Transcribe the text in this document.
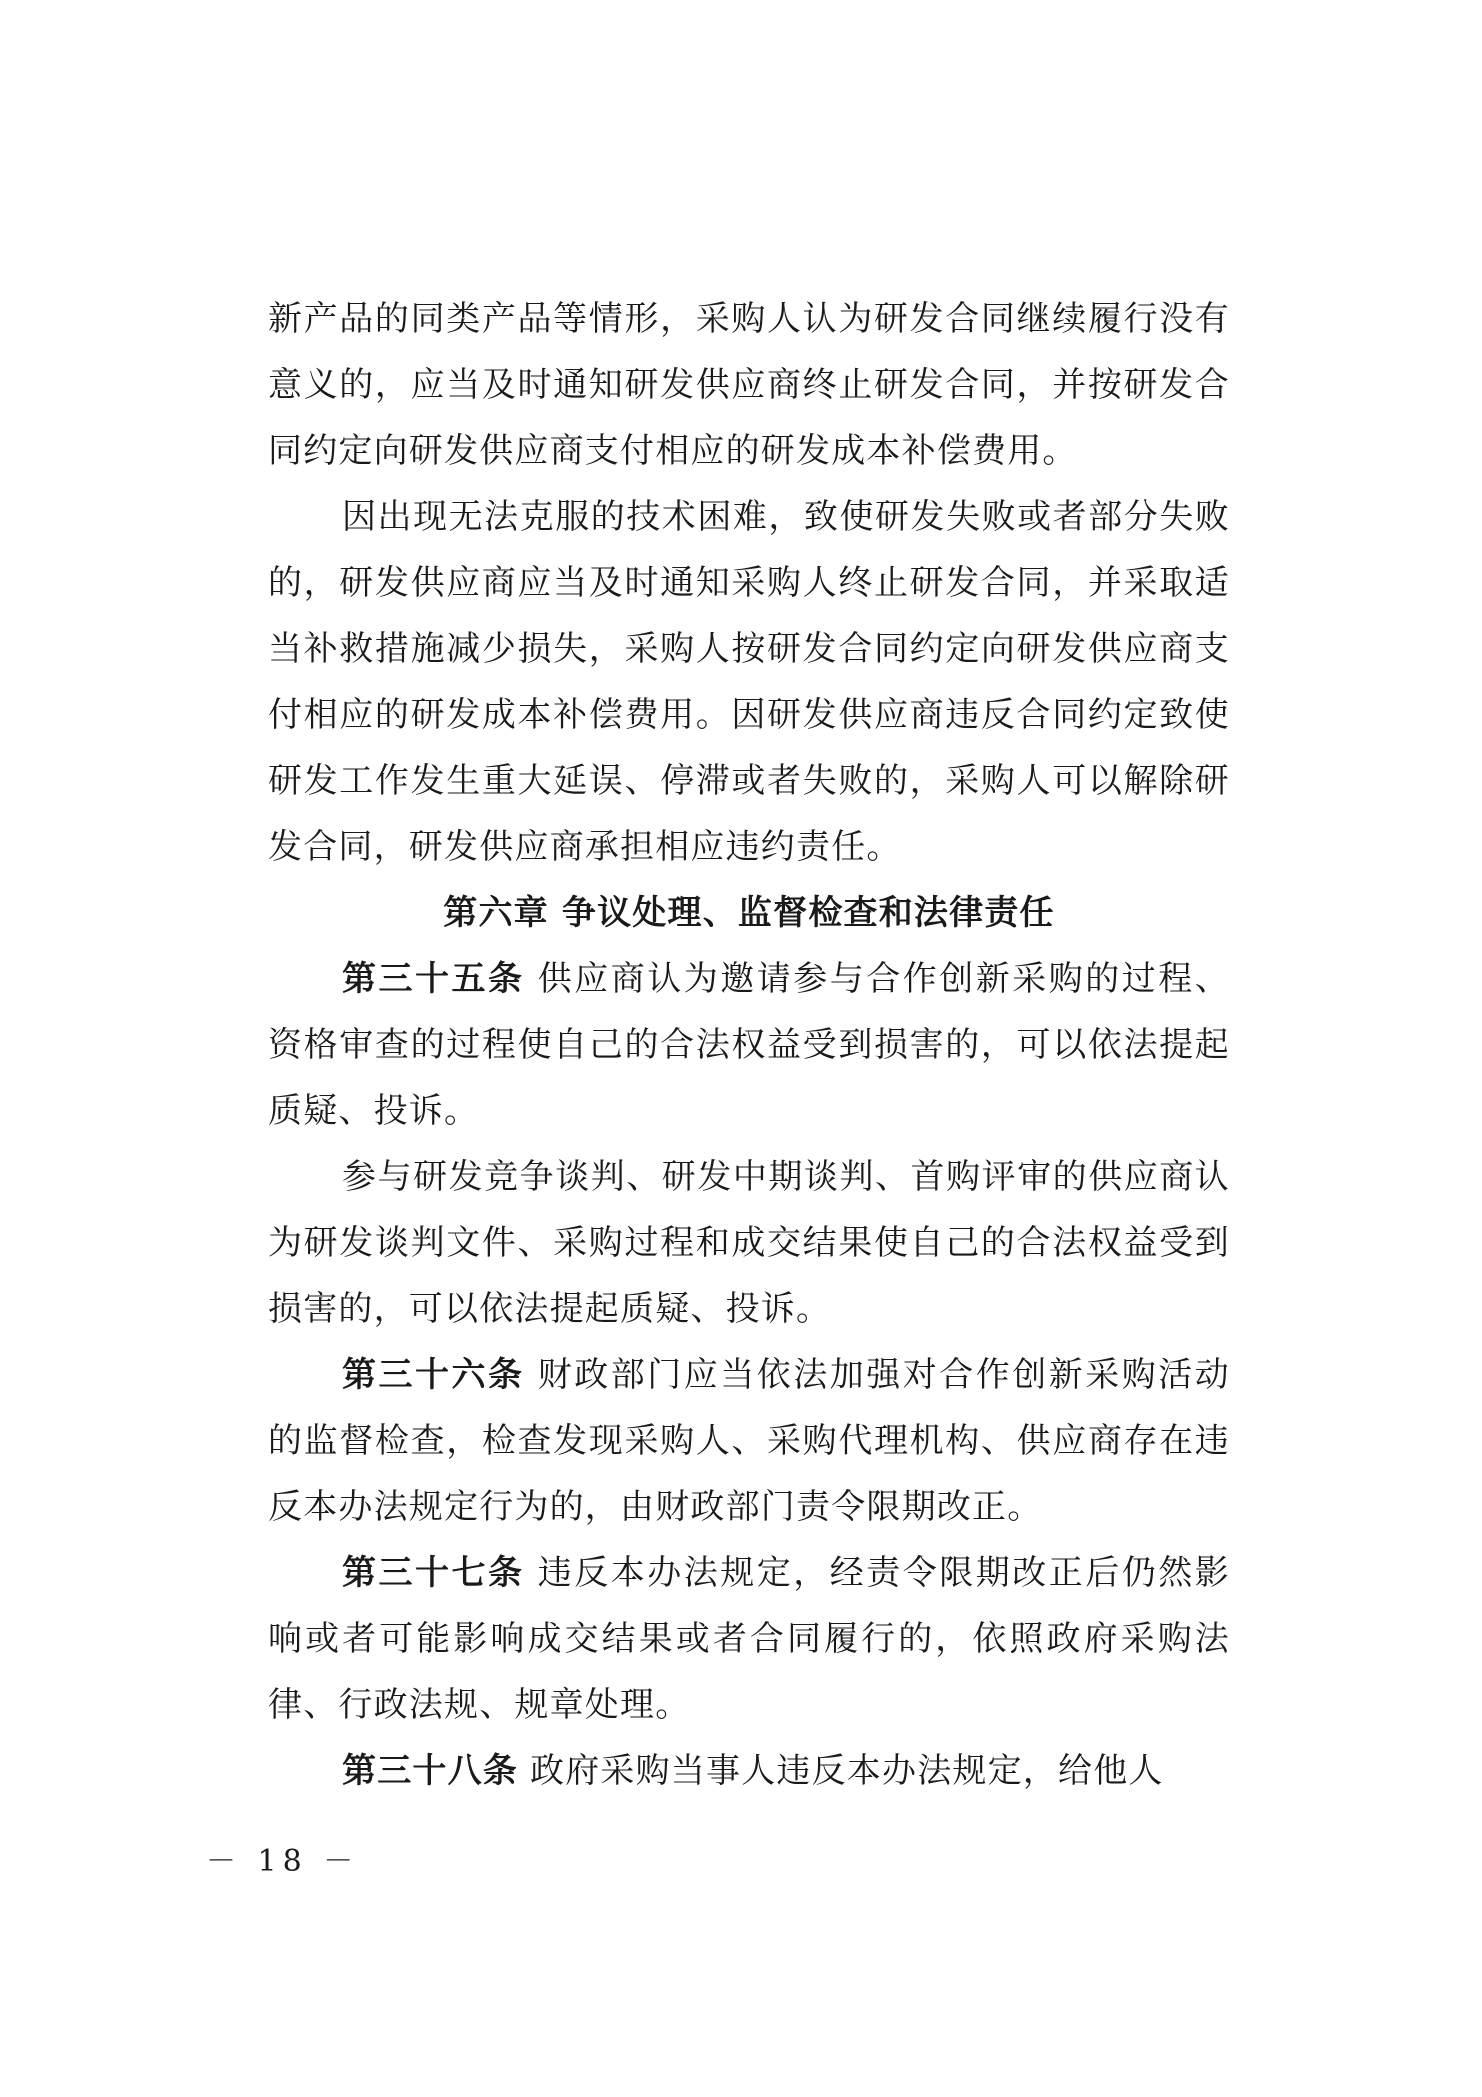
新产品的同类产品等情形，采购人认为研发合同继续履行没有意义的，应当及时通知研发供应商终止研发合同，并按研发合同约定向研发供应商支付相应的研发成本补偿费用。

因出现无法克服的技术困难，致使研发失败或者部分失败的，研发供应商应当及时通知采购人终止研发合同，并采取适当补救措施减少损失，采购人按研发合同约定向研发供应商支付相应的研发成本补偿费用。因研发供应商违反合同约定致使研发工作发生重大延误、停滞或者失败的，采购人可以解除研发合同，研发供应商承担相应违约责任。

第六章 争议处理、监督检查和法律责任

第三十五条 供应商认为邀请参与合作创新采购的过程、资格审查的过程使自己的合法权益受到损害的，可以依法提起质疑、投诉。

参与研发竞争谈判、研发中期谈判、首购评审的供应商认为研发谈判文件、采购过程和成交结果使自己的合法权益受到损害的，可以依法提起质疑、投诉。

第三十六条 财政部门应当依法加强对合作创新采购活动的监督检查，检查发现采购人、采购代理机构、供应商存在违反本办法规定行为的，由财政部门责令限期改正。

第三十七条 违反本办法规定，经责令限期改正后仍然影响或者可能影响成交结果或者合同履行的，依照政府采购法律、行政法规、规章处理。

第三十八条 政府采购当事人违反本办法规定，给他人

－ 18 －
